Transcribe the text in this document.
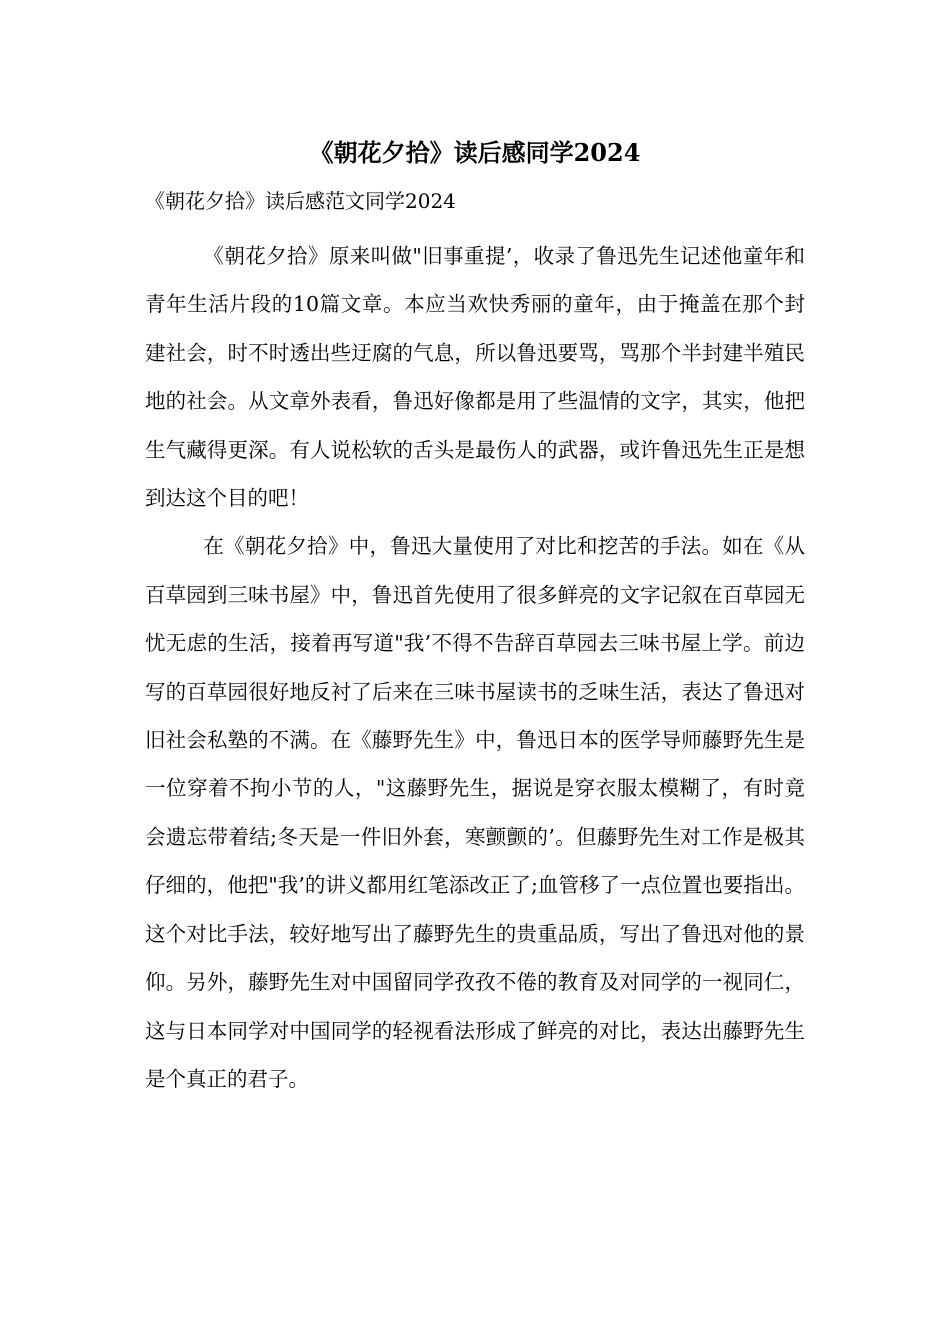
《朝花夕拾》读后感同学2024
《朝花夕拾》读后感范文同学2024

《朝花夕拾》原来叫做"旧事重提’，收录了鲁迅先生记述他童年和青年生活片段的10篇文章。本应当欢快秀丽的童年，由于掩盖在那个封建社会，时不时透出些迂腐的气息，所以鲁迅要骂，骂那个半封建半殖民地的社会。从文章外表看，鲁迅好像都是用了些温情的文字，其实，他把生气藏得更深。有人说松软的舌头是最伤人的武器，或许鲁迅先生正是想到达这个目的吧！

在《朝花夕拾》中，鲁迅大量使用了对比和挖苦的手法。如在《从百草园到三味书屋》中，鲁迅首先使用了很多鲜亮的文字记叙在百草园无忧无虑的生活，接着再写道"我’不得不告辞百草园去三味书屋上学。前边写的百草园很好地反衬了后来在三味书屋读书的乏味生活，表达了鲁迅对旧社会私塾的不满。在《藤野先生》中，鲁迅日本的医学导师藤野先生是一位穿着不拘小节的人，"这藤野先生，据说是穿衣服太模糊了，有时竟会遗忘带着结;冬天是一件旧外套，寒颤颤的’。但藤野先生对工作是极其仔细的，他把"我’的讲义都用红笔添改正了;血管移了一点位置也要指出。这个对比手法，较好地写出了藤野先生的贵重品质，写出了鲁迅对他的景仰。另外，藤野先生对中国留同学孜孜不倦的教育及对同学的一视同仁，这与日本同学对中国同学的轻视看法形成了鲜亮的对比，表达出藤野先生是个真正的君子。
